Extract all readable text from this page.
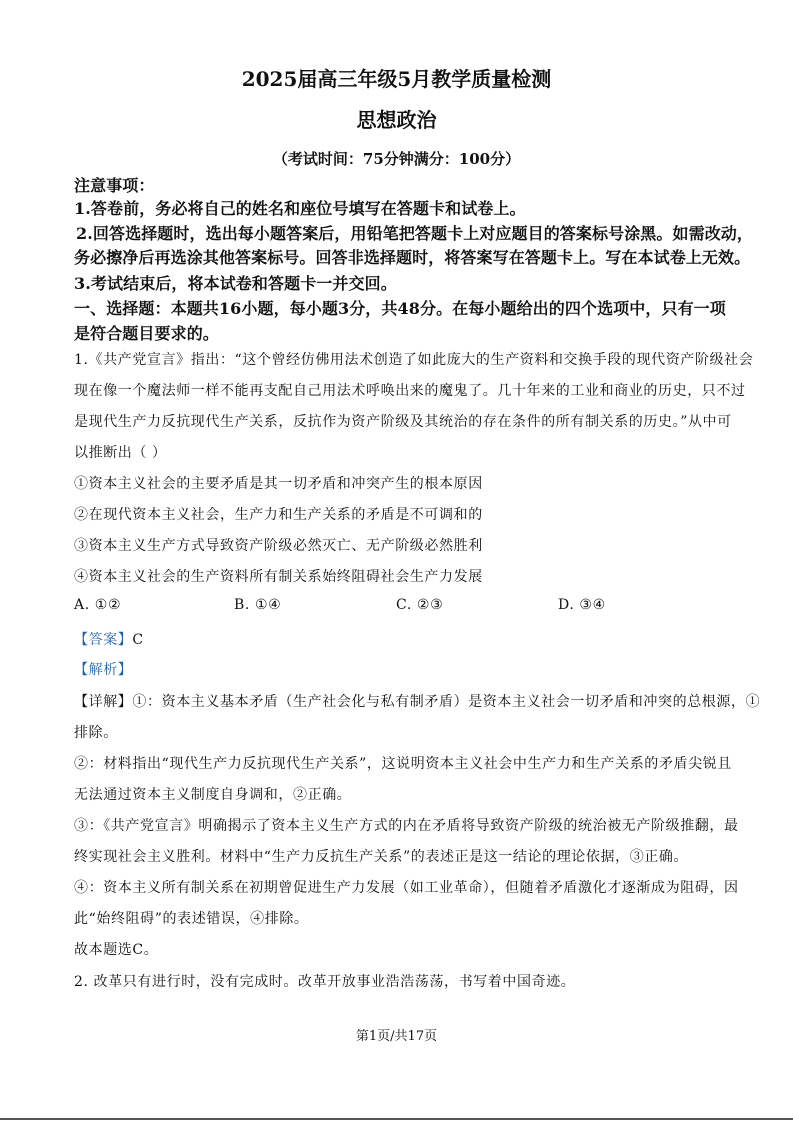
2025届高三年级5月教学质量检测
思想政治
（考试时间：75分钟满分：100分）
注意事项：
1.答卷前，务必将自己的姓名和座位号填写在答题卡和试卷上。
2.回答选择题时，选出每小题答案后，用铅笔把答题卡上对应题目的答案标号涂黑。如需改动，
务必擦净后再选涂其他答案标号。回答非选择题时，将答案写在答题卡上。写在本试卷上无效。
3.考试结束后，将本试卷和答题卡一并交回。
一、选择题：本题共16小题，每小题3分，共48分。在每小题给出的四个选项中，只有一项
是符合题目要求的。
1.《共产党宣言》指出：“这个曾经仿佛用法术创造了如此庞大的生产资料和交换手段的现代资产阶级社会
现在像一个魔法师一样不能再支配自己用法术呼唤出来的魔鬼了。几十年来的工业和商业的历史，只不过
是现代生产力反抗现代生产关系，反抗作为资产阶级及其统治的存在条件的所有制关系的历史。”从中可
以推断出（ ）
①资本主义社会的主要矛盾是其一切矛盾和冲突产生的根本原因
②在现代资本主义社会，生产力和生产关系的矛盾是不可调和的
③资本主义生产方式导致资产阶级必然灭亡、无产阶级必然胜利
④资本主义社会的生产资料所有制关系始终阻碍社会生产力发展
A. ①②	B. ①④	C. ②③	D. ③④
【答案】C
【解析】
【详解】①：资本主义基本矛盾（生产社会化与私有制矛盾）是资本主义社会一切矛盾和冲突的总根源，①
排除。
②：材料指出“现代生产力反抗现代生产关系”，这说明资本主义社会中生产力和生产关系的矛盾尖锐且
无法通过资本主义制度自身调和，②正确。
③：《共产党宣言》明确揭示了资本主义生产方式的内在矛盾将导致资产阶级的统治被无产阶级推翻，最
终实现社会主义胜利。材料中“生产力反抗生产关系”的表述正是这一结论的理论依据，③正确。
④：资本主义所有制关系在初期曾促进生产力发展（如工业革命），但随着矛盾激化才逐渐成为阻碍，因
此“始终阻碍”的表述错误，④排除。
故本题选C。
2. 改革只有进行时，没有完成时。改革开放事业浩浩荡荡，书写着中国奇迹。
第1页/共17页
